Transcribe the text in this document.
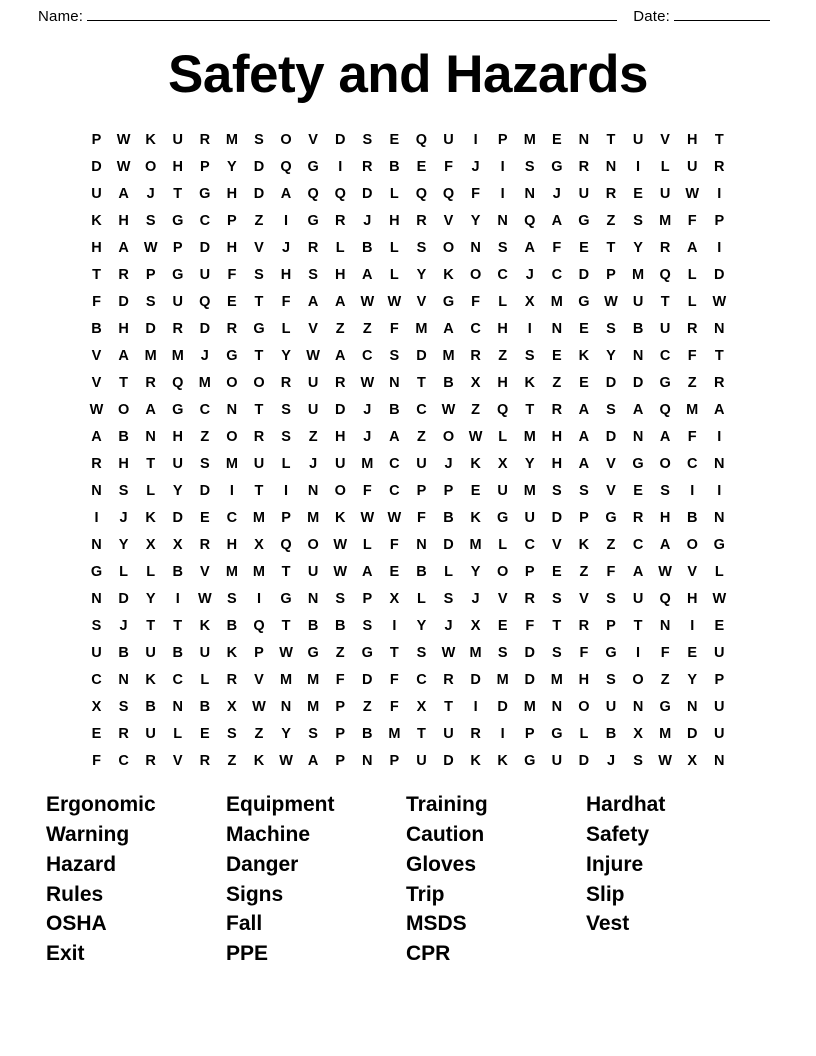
Name:	Date:
Safety and Hazards
P W K U R M S O V D S E Q U	I	P M E N T U V H T
D W O H P Y D Q G	I	R B E F	J	I	S G R N	I	L U R
U A	J	T G H D A Q Q D L Q Q F	I	N	J	U R E U W	I
K H S G C P Z	I	G R	J	H R V Y N Q A G Z S M F P
H A W P D H V	J	R L B L S O N S A F E T Y R A	I
T R P G U F S H S H A L Y K O C	J	C D P M Q L D
F D S U Q E T F A A W W V G F L X M G W U T L W
B H D R D R G L V Z Z F M A C H	I	N E S B U R N
V A M M	J	G T Y W A C S D M R Z S E K Y N C F T
V T R Q M O O R U R W N T B X H K Z E D D G Z R
W O A G C N T S U D	J	B C W Z Q T R A S A Q M A
A B N H Z O R S Z H	J	A Z O W L M H A D N A F	I
R H T U S M U L	J	U M C U	J	K X Y H A V G O C N
N S L Y D	I	T	I	N O F C P P E U M S S V E S	I	I
I	J	K D E C M P M K W W F B K G U D P G R H B N
N Y X X R H X Q O W L F N D M L C V K Z C A O G
G L L B V M M T U W A E B L Y O P E Z F A W V L
N D Y	I	W S	I	G N S P X L S	J	V R S V S U Q H W
S	J	T T K B Q T B B S	I	Y	J	X E F T R P T N	I	E
U B U B U K P W G Z G T S W M S D S F G	I	F E U
C N K C L R V M M F D F C R D M D M H S O Z Y P
X S B N B X W N M P Z F X T	I	D M N O U N G N U
E R U L E S Z Y S P B M T U R	I	P G L B X M D U
F C R V R Z K W A P N P U D K K G U D	J	S W X N
Ergonomic
Warning
Hazard
Rules
OSHA
Exit
Equipment
Machine
Danger
Signs
Fall
PPE
Training
Caution
Gloves
Trip
MSDS
CPR
Hardhat
Safety
Injure
Slip
Vest
